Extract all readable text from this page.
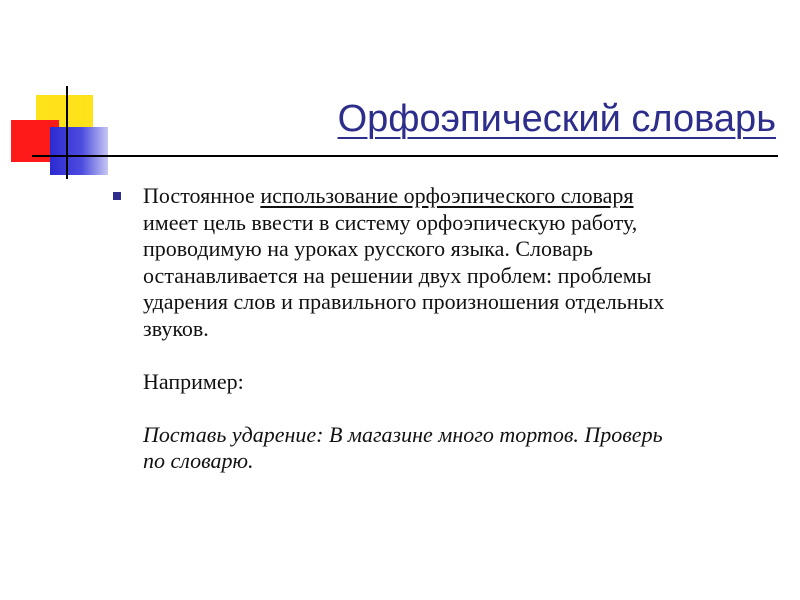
Орфоэпический словарь

Постоянное использование орфоэпического словаря

имеет цель ввести в систему орфоэпическую работу,

проводимую на уроках русского языка. Словарь

останавливается на решении двух проблем: проблемы

ударения слов и правильного произношения отдельных

звуков.

Например:

Поставь ударение: В магазине много тортов. Проверь

по словарю.
